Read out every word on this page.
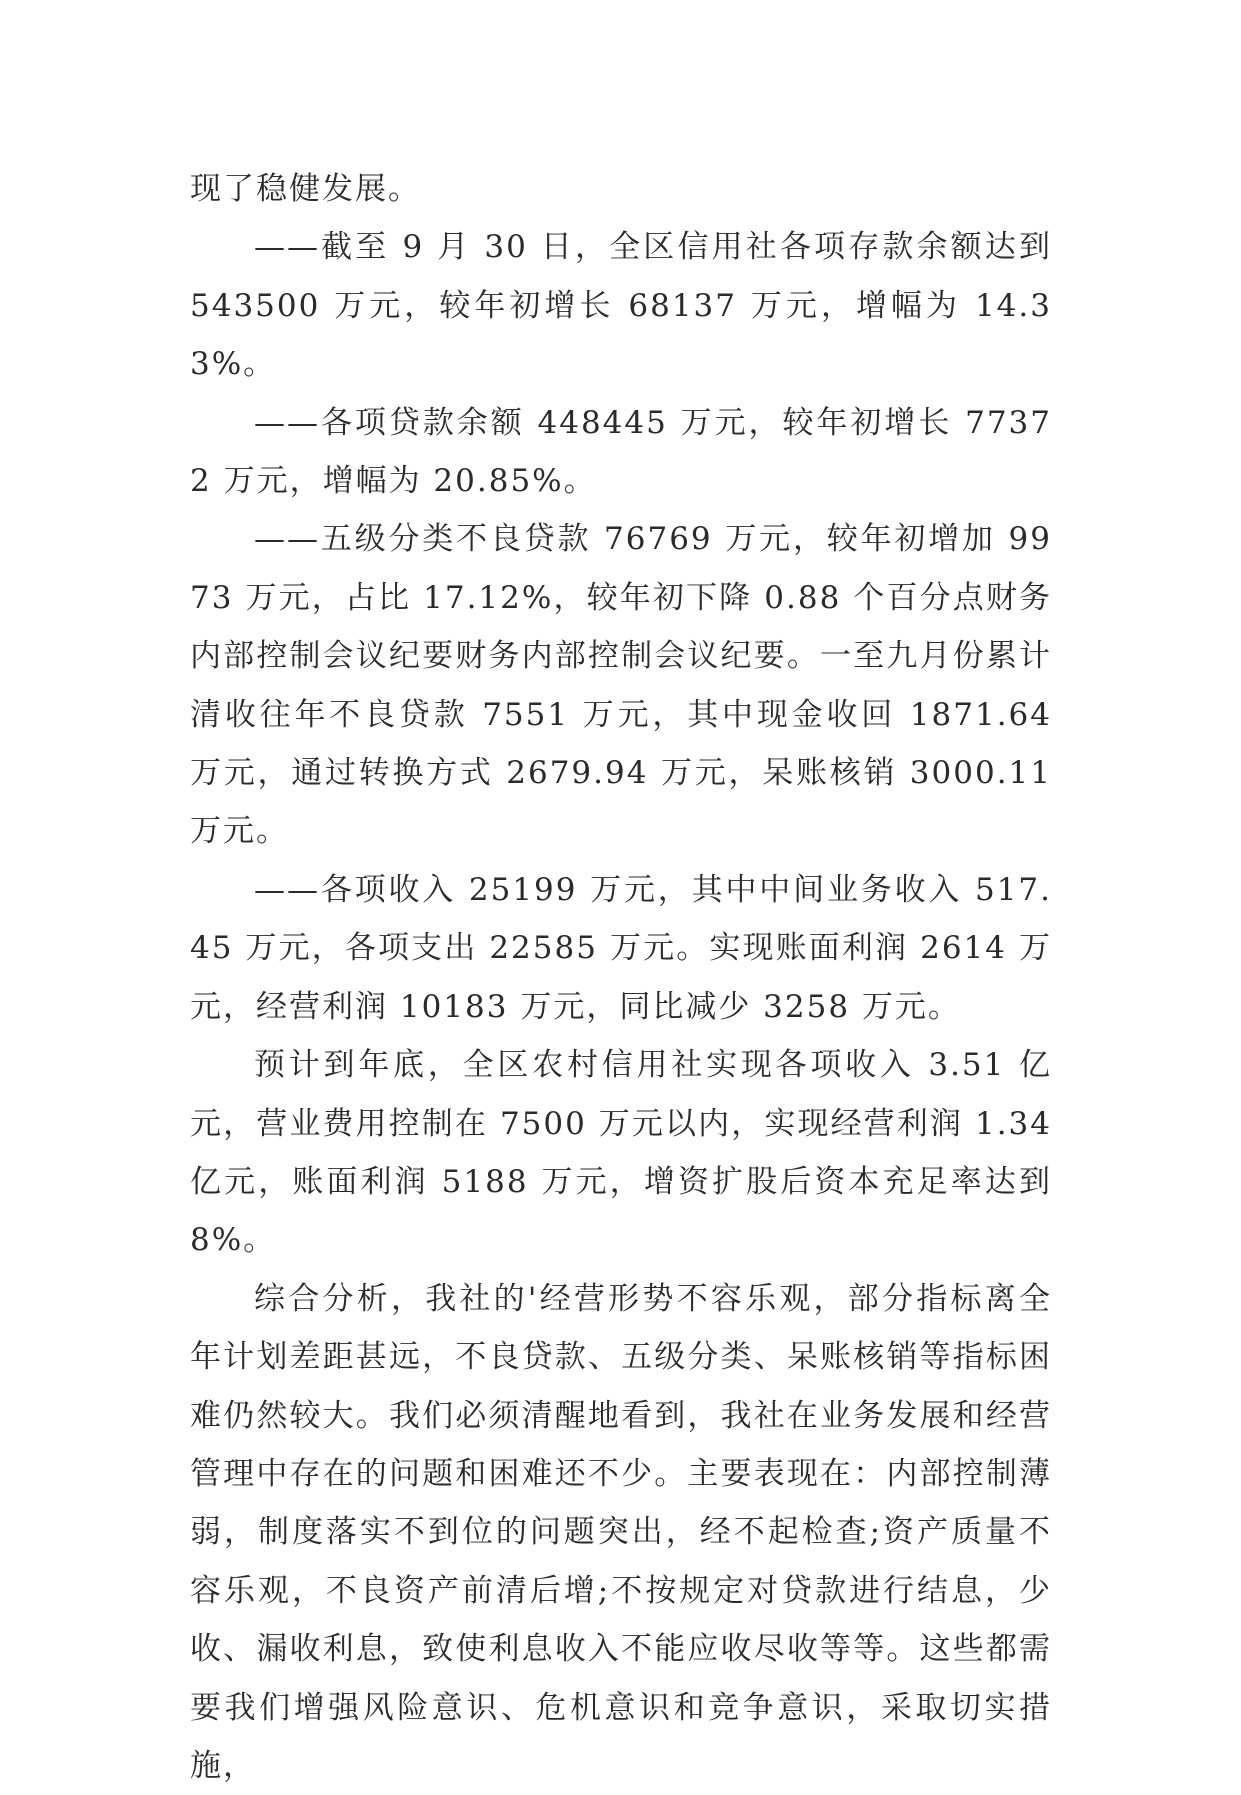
现了稳健发展。

——截至 9 月 30 日，全区信用社各项存款余额达到 543500 万元，较年初增长 68137 万元，增幅为 14.33%。

——各项贷款余额 448445 万元，较年初增长 77372 万元，增幅为 20.85%。

——五级分类不良贷款 76769 万元，较年初增加 9973 万元，占比 17.12%，较年初下降 0.88 个百分点财务内部控制会议纪要财务内部控制会议纪要。一至九月份累计清收往年不良贷款 7551 万元，其中现金收回 1871.64 万元，通过转换方式 2679.94 万元，呆账核销 3000.11 万元。

——各项收入 25199 万元，其中中间业务收入 517.45 万元，各项支出 22585 万元。实现账面利润 2614 万元，经营利润 10183 万元，同比减少 3258 万元。

预计到年底，全区农村信用社实现各项收入 3.51 亿元，营业费用控制在 7500 万元以内，实现经营利润 1.34 亿元，账面利润 5188 万元，增资扩股后资本充足率达到 8%。

综合分析，我社的'经营形势不容乐观，部分指标离全年计划差距甚远，不良贷款、五级分类、呆账核销等指标困难仍然较大。我们必须清醒地看到，我社在业务发展和经营管理中存在的问题和困难还不少。主要表现在：内部控制薄弱，制度落实不到位的问题突出，经不起检查;资产质量不容乐观，不良资产前清后增;不按规定对贷款进行结息，少收、漏收利息，致使利息收入不能应收尽收等等。这些都需要我们增强风险意识、危机意识和竞争意识，采取切实措施，
